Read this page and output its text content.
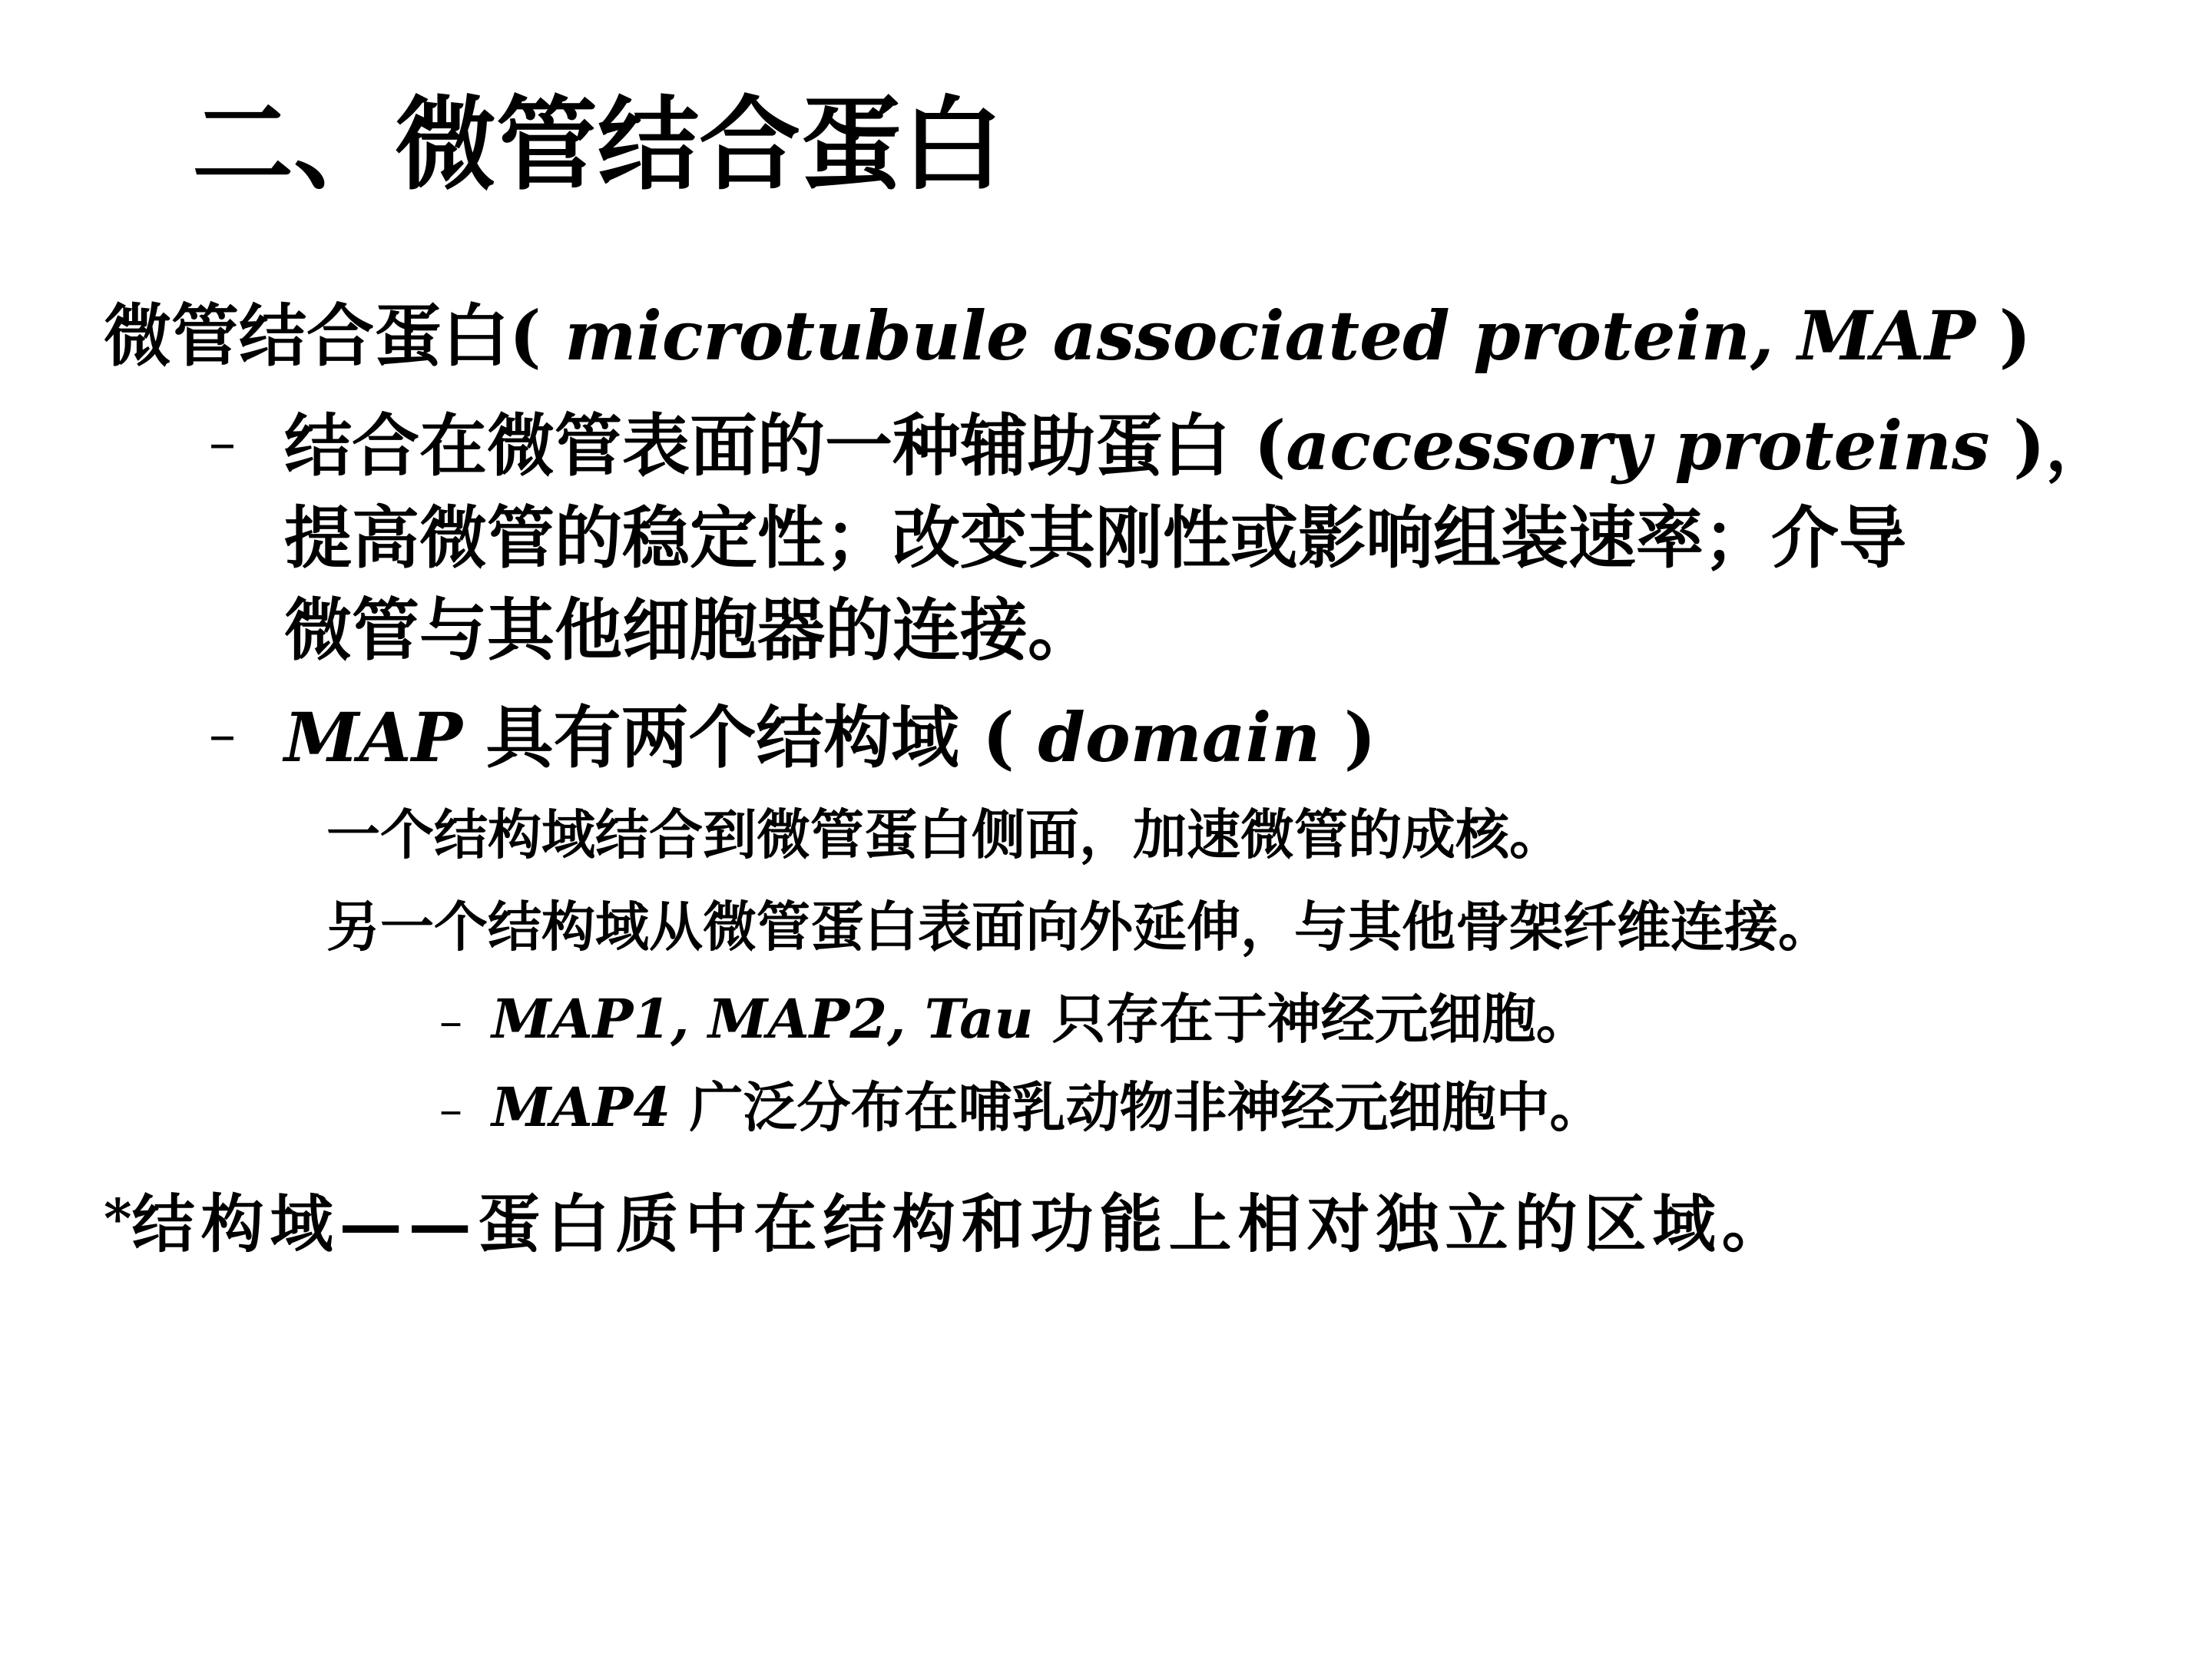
二、微管结合蛋白
微管结合蛋白( microtubule associated protein, MAP )
– 结合在微管表面的一种辅助蛋白 (accessory proteins )，
提高微管的稳定性；改变其刚性或影响组装速率；介导
微管与其他细胞器的连接。
– MAP 具有两个结构域 ( domain )
一个结构域结合到微管蛋白侧面，加速微管的成核。
另一个结构域从微管蛋白表面向外延伸，与其他骨架纤维连接。
– MAP1, MAP2, Tau 只存在于神经元细胞。
– MAP4 广泛分布在哺乳动物非神经元细胞中。
*结构域——蛋白质中在结构和功能上相对独立的区域。
